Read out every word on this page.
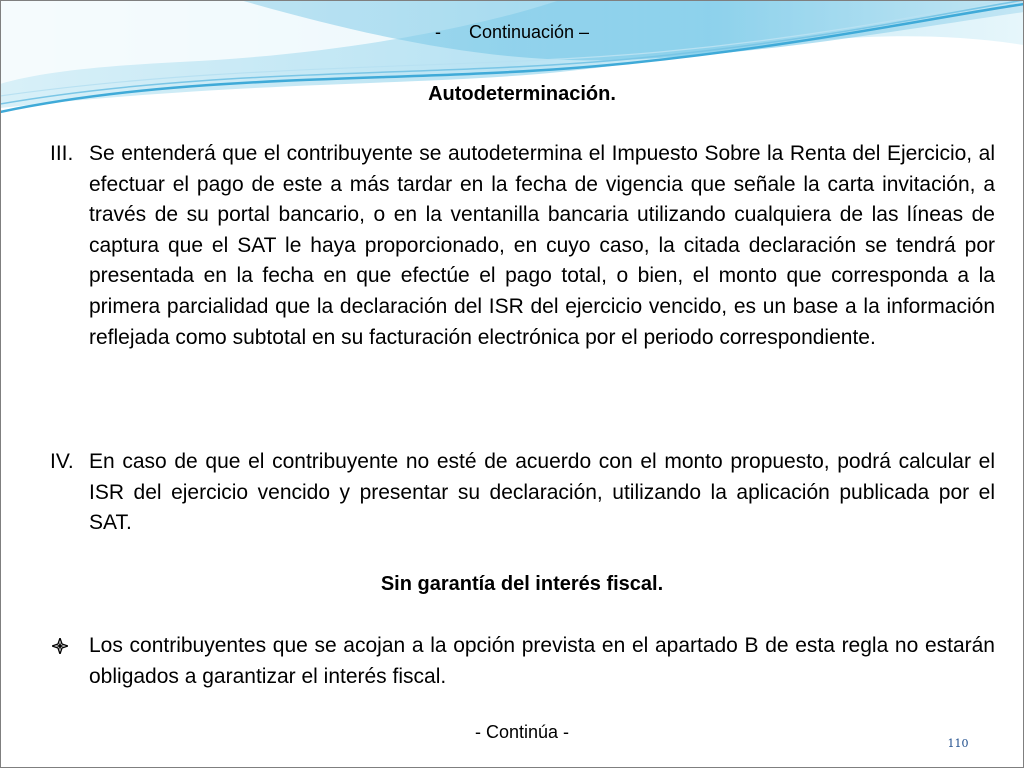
- Continuación –
Autodeterminación.
III. Se entenderá que el contribuyente se autodetermina el Impuesto Sobre la Renta del Ejercicio, al efectuar el pago de este a más tardar en la fecha de vigencia que señale la carta invitación, a través de su portal bancario, o en la ventanilla bancaria utilizando cualquiera de las líneas de captura que el SAT le haya proporcionado, en cuyo caso, la citada declaración se tendrá por presentada en la fecha en que efectúe el pago total, o bien, el monto que corresponda a la primera parcialidad que la declaración del ISR del ejercicio vencido, es un base a la información reflejada como subtotal en su facturación electrónica por el periodo correspondiente.
IV. En caso de que el contribuyente no esté de acuerdo con el monto propuesto, podrá calcular el ISR del ejercicio vencido y presentar su declaración, utilizando la aplicación publicada por el SAT.
Sin garantía del interés fiscal.
Los contribuyentes que se acojan a la opción prevista en el apartado B de esta regla no estarán obligados a garantizar el interés fiscal.
- Continúa -
110
